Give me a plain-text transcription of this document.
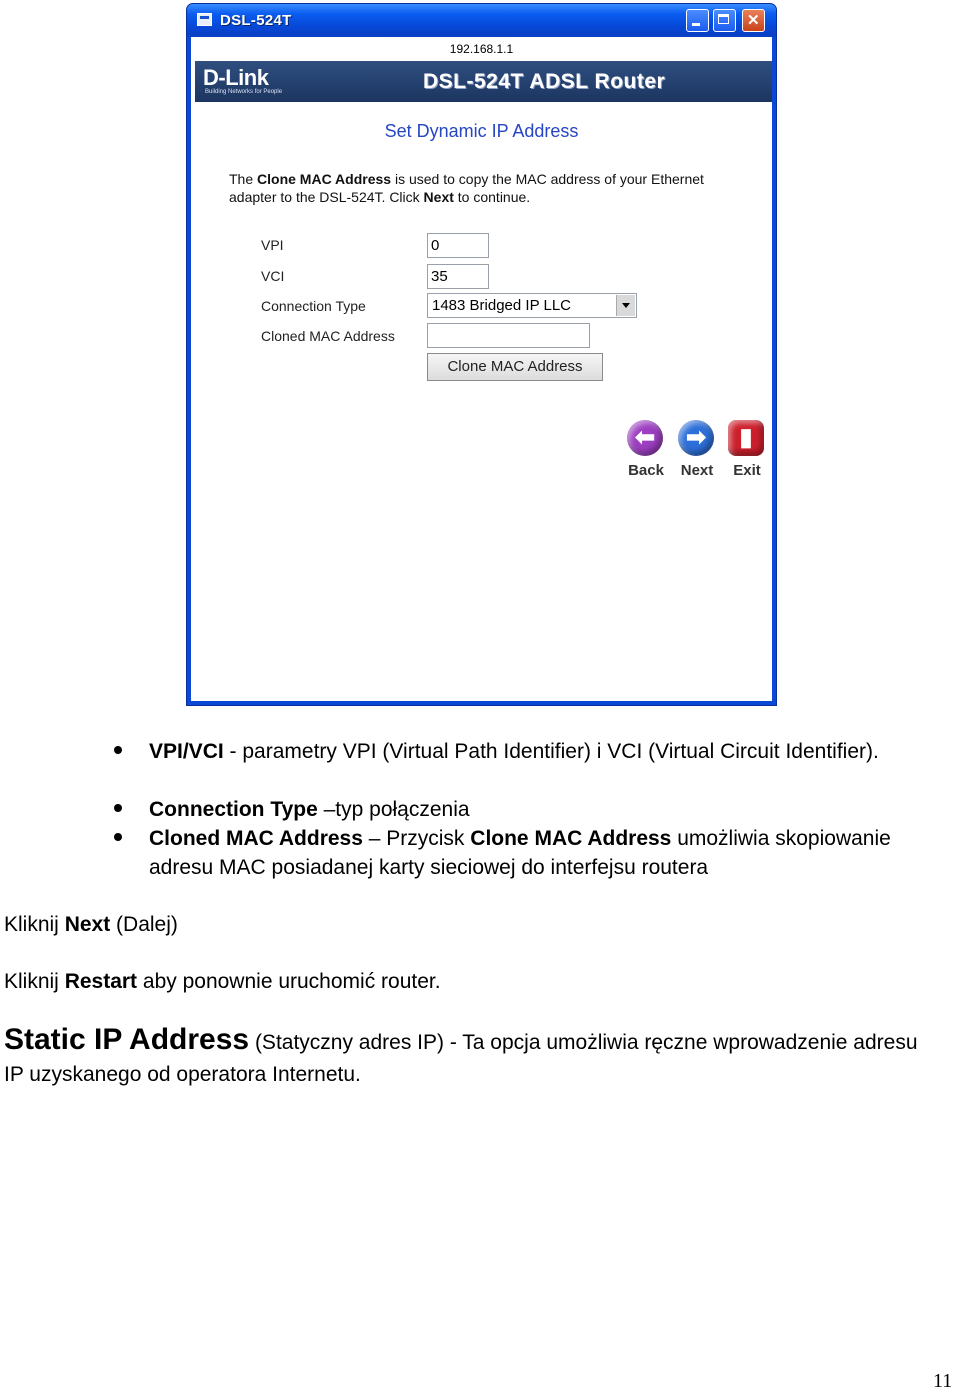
DSL-524T
✕
192.168.1.1
D-Link
Building Networks for People	DSL-524T ADSL Router
Set Dynamic IP Address
The Clone MAC Address is used to copy the MAC address of your Ethernet adapter to the DSL-524T. Click Next to continue.
VPI	0
VCI	35
Connection Type	1483 Bridged IP LLC
Cloned MAC Address
Clone MAC Address
⬅
Back
➡
Next
▮
Exit
VPI/VCI - parametry VPI (Virtual Path Identifier) i VCI (Virtual Circuit Identifier).
Connection Type –typ połączenia
Cloned MAC Address – Przycisk Clone MAC Address umożliwia skopiowanie adresu MAC posiadanej karty sieciowej do interfejsu routera
Kliknij Next (Dalej)
Kliknij Restart aby ponownie uruchomić router.
Static IP Address (Statyczny adres IP) - Ta opcja umożliwia ręczne wprowadzenie adresu IP uzyskanego od operatora Internetu.
11
